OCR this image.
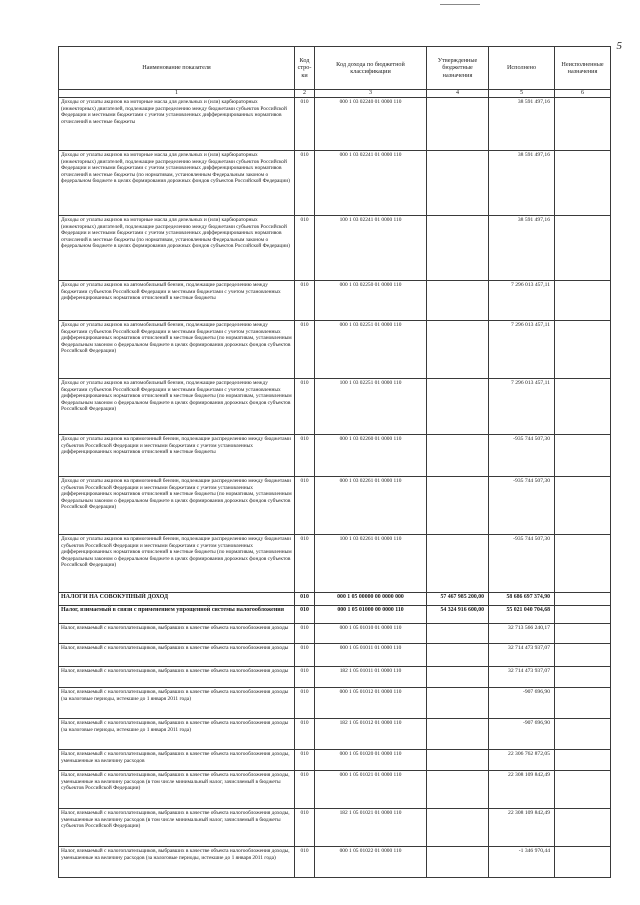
5
Наименование показателя	Код стро-ки	Код дохода по бюджетной классификации	Утвержденные бюджетные назначения	Исполнено	Неисполненные назначения
1	2	3	4	5	6
Доходы от уплаты акцизов на моторные масла для дизельных и (или) карбюраторных (инжекторных) двигателей, подлежащие распределению между бюджетами субъектов Российской Федерации и местными бюджетами с учетом установленных дифференцированных нормативов отчислений в местные бюджеты	010	000 1 03 02240 01 0000 110		38 591 497,16	
Доходы от уплаты акцизов на моторные масла для дизельных и (или) карбюраторных (инжекторных) двигателей, подлежащие распределению между бюджетами субъектов Российской Федерации и местными бюджетами с учетом установленных дифференцированных нормативов отчислений в местные бюджеты (по нормативам, установленным Федеральным законом о федеральном бюджете в целях формирования дорожных фондов субъектов Российской Федерации)	010	000 1 03 02241 01 0000 110		38 591 497,16	
Доходы от уплаты акцизов на моторные масла для дизельных и (или) карбюраторных (инжекторных) двигателей, подлежащие распределению между бюджетами субъектов Российской Федерации и местными бюджетами с учетом установленных дифференцированных нормативов отчислений в местные бюджеты (по нормативам, установленным Федеральным законом о федеральном бюджете в целях формирования дорожных фондов субъектов Российской Федерации)	010	100 1 03 02241 01 0000 110		38 591 497,16	
Доходы от уплаты акцизов на автомобильный бензин, подлежащие распределению между бюджетами субъектов Российской Федерации и местными бюджетами с учетом установленных дифференцированных нормативов отчислений в местные бюджеты	010	000 1 03 02250 01 0000 110		7 296 013 457,11	
Доходы от уплаты акцизов на автомобильный бензин, подлежащие распределению между бюджетами субъектов Российской Федерации и местными бюджетами с учетом установленных дифференцированных нормативов отчислений в местные бюджеты (по нормативам, установленным Федеральным законом о федеральном бюджете в целях формирования дорожных фондов субъектов Российской Федерации)	010	000 1 03 02251 01 0000 110		7 296 013 457,11	
Доходы от уплаты акцизов на автомобильный бензин, подлежащие распределению между бюджетами субъектов Российской Федерации и местными бюджетами с учетом установленных дифференцированных нормативов отчислений в местные бюджеты (по нормативам, установленным Федеральным законом о федеральном бюджете в целях формирования дорожных фондов субъектов Российской Федерации)	010	100 1 03 02251 01 0000 110		7 296 013 457,11	
Доходы от уплаты акцизов на прямогонный бензин, подлежащие распределению между бюджетами субъектов Российской Федерации и местными бюджетами с учетом установленных дифференцированных нормативов отчислений в местные бюджеты	010	000 1 03 02260 01 0000 110		-935 744 507,30	
Доходы от уплаты акцизов на прямогонный бензин, подлежащие распределению между бюджетами субъектов Российской Федерации и местными бюджетами с учетом установленных дифференцированных нормативов отчислений в местные бюджеты (по нормативам, установленным Федеральным законом о федеральном бюджете в целях формирования дорожных фондов субъектов Российской Федерации)	010	000 1 03 02261 01 0000 110		-935 744 507,30	
Доходы от уплаты акцизов на прямогонный бензин, подлежащие распределению между бюджетами субъектов Российской Федерации и местными бюджетами с учетом установленных дифференцированных нормативов отчислений в местные бюджеты (по нормативам, установленным Федеральным законом о федеральном бюджете в целях формирования дорожных фондов субъектов Российской Федерации)	010	100 1 03 02261 01 0000 110		-935 744 507,30	
НАЛОГИ НА СОВОКУПНЫЙ ДОХОД	010	000 1 05 00000 00 0000 000	57 467 985 200,00	58 686 697 374,90	
Налог, взимаемый в связи с применением упрощенной системы налогообложения	010	000 1 05 01000 00 0000 110	54 324 916 600,00	55 021 040 704,68	
Налог, взимаемый с налогоплательщиков, выбравших в качестве объекта налогообложения доходы	010	000 1 05 01010 01 0000 110		32 713 566 240,17	
Налог, взимаемый с налогоплательщиков, выбравших в качестве объекта налогообложения доходы	010	000 1 05 01011 01 0000 110		32 714 473 937,07	
Налог, взимаемый с налогоплательщиков, выбравших в качестве объекта налогообложения доходы	010	182 1 05 01011 01 0000 110		32 714 473 937,07	
Налог, взимаемый с налогоплательщиков, выбравших в качестве объекта налогообложения доходы (за налоговые периоды, истекшие до 1 января 2011 года)	010	000 1 05 01012 01 0000 110		-907 696,90	
Налог, взимаемый с налогоплательщиков, выбравших в качестве объекта налогообложения доходы (за налоговые периоды, истекшие до 1 января 2011 года)	010	182 1 05 01012 01 0000 110		-907 696,90	
Налог, взимаемый с налогоплательщиков, выбравших в качестве объекта налогообложения доходы, уменьшенные на величину расходов	010	000 1 05 01020 01 0000 110		22 306 762 872,05	
Налог, взимаемый с налогоплательщиков, выбравших в качестве объекта налогообложения доходы, уменьшенные на величину расходов (в том числе минимальный налог, зачисляемый в бюджеты субъектов Российской Федерации)	010	000 1 05 01021 01 0000 110		22 308 109 842,49	
Налог, взимаемый с налогоплательщиков, выбравших в качестве объекта налогообложения доходы, уменьшенные на величину расходов (в том числе минимальный налог, зачисляемый в бюджеты субъектов Российской Федерации)	010	182 1 05 01021 01 0000 110		22 308 109 842,49	
Налог, взимаемый с налогоплательщиков, выбравших в качестве объекта налогообложения доходы, уменьшенные на величину расходов (за налоговые периоды, истекшие до 1 января 2011 года)	010	000 1 05 01022 01 0000 110		-1 346 970,44	
